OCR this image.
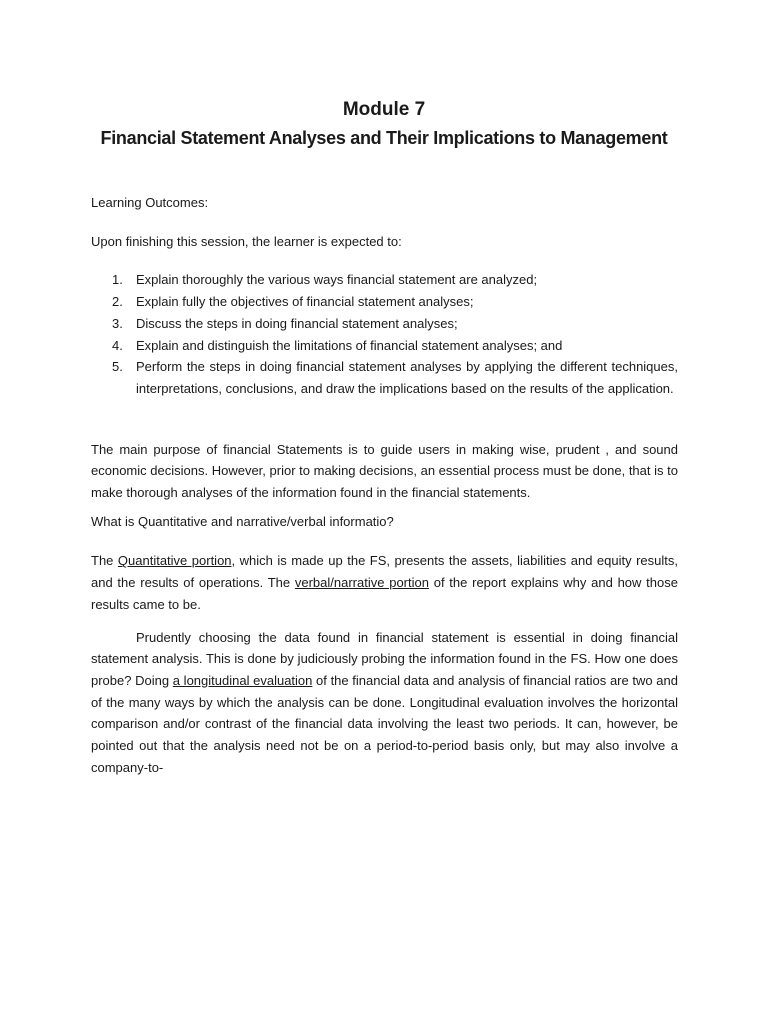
Module 7

Financial Statement Analyses and Their Implications to Management

Learning Outcomes:

Upon finishing this session, the learner is expected to:

1. Explain thoroughly the various ways financial statement are analyzed;
2. Explain fully the objectives of financial statement analyses;
3. Discuss the steps in doing financial statement analyses;
4. Explain and distinguish the limitations of financial statement analyses; and
5. Perform the steps in doing financial statement analyses by applying the different techniques, interpretations, conclusions, and draw the implications based on the results of the application.

The main purpose of financial Statements is to guide users in making wise, prudent , and sound economic decisions. However, prior to making decisions, an essential process must be done, that is to make thorough analyses of the information found in the financial statements.

What is Quantitative and narrative/verbal informatio?

The Quantitative portion, which is made up the FS, presents the assets, liabilities and equity results, and the results of operations. The verbal/narrative portion of the report explains why and how those results came to be.

Prudently choosing the data found in financial statement is essential in doing financial statement analysis. This is done by judiciously probing the information found in the FS. How one does probe? Doing a longitudinal evaluation of the financial data and analysis of financial ratios are two and of the many ways by which the analysis can be done. Longitudinal evaluation involves the horizontal comparison and/or contrast of the financial data involving the least two periods. It can, however, be pointed out that the analysis need not be on a period-to-period basis only, but may also involve a company-to-
